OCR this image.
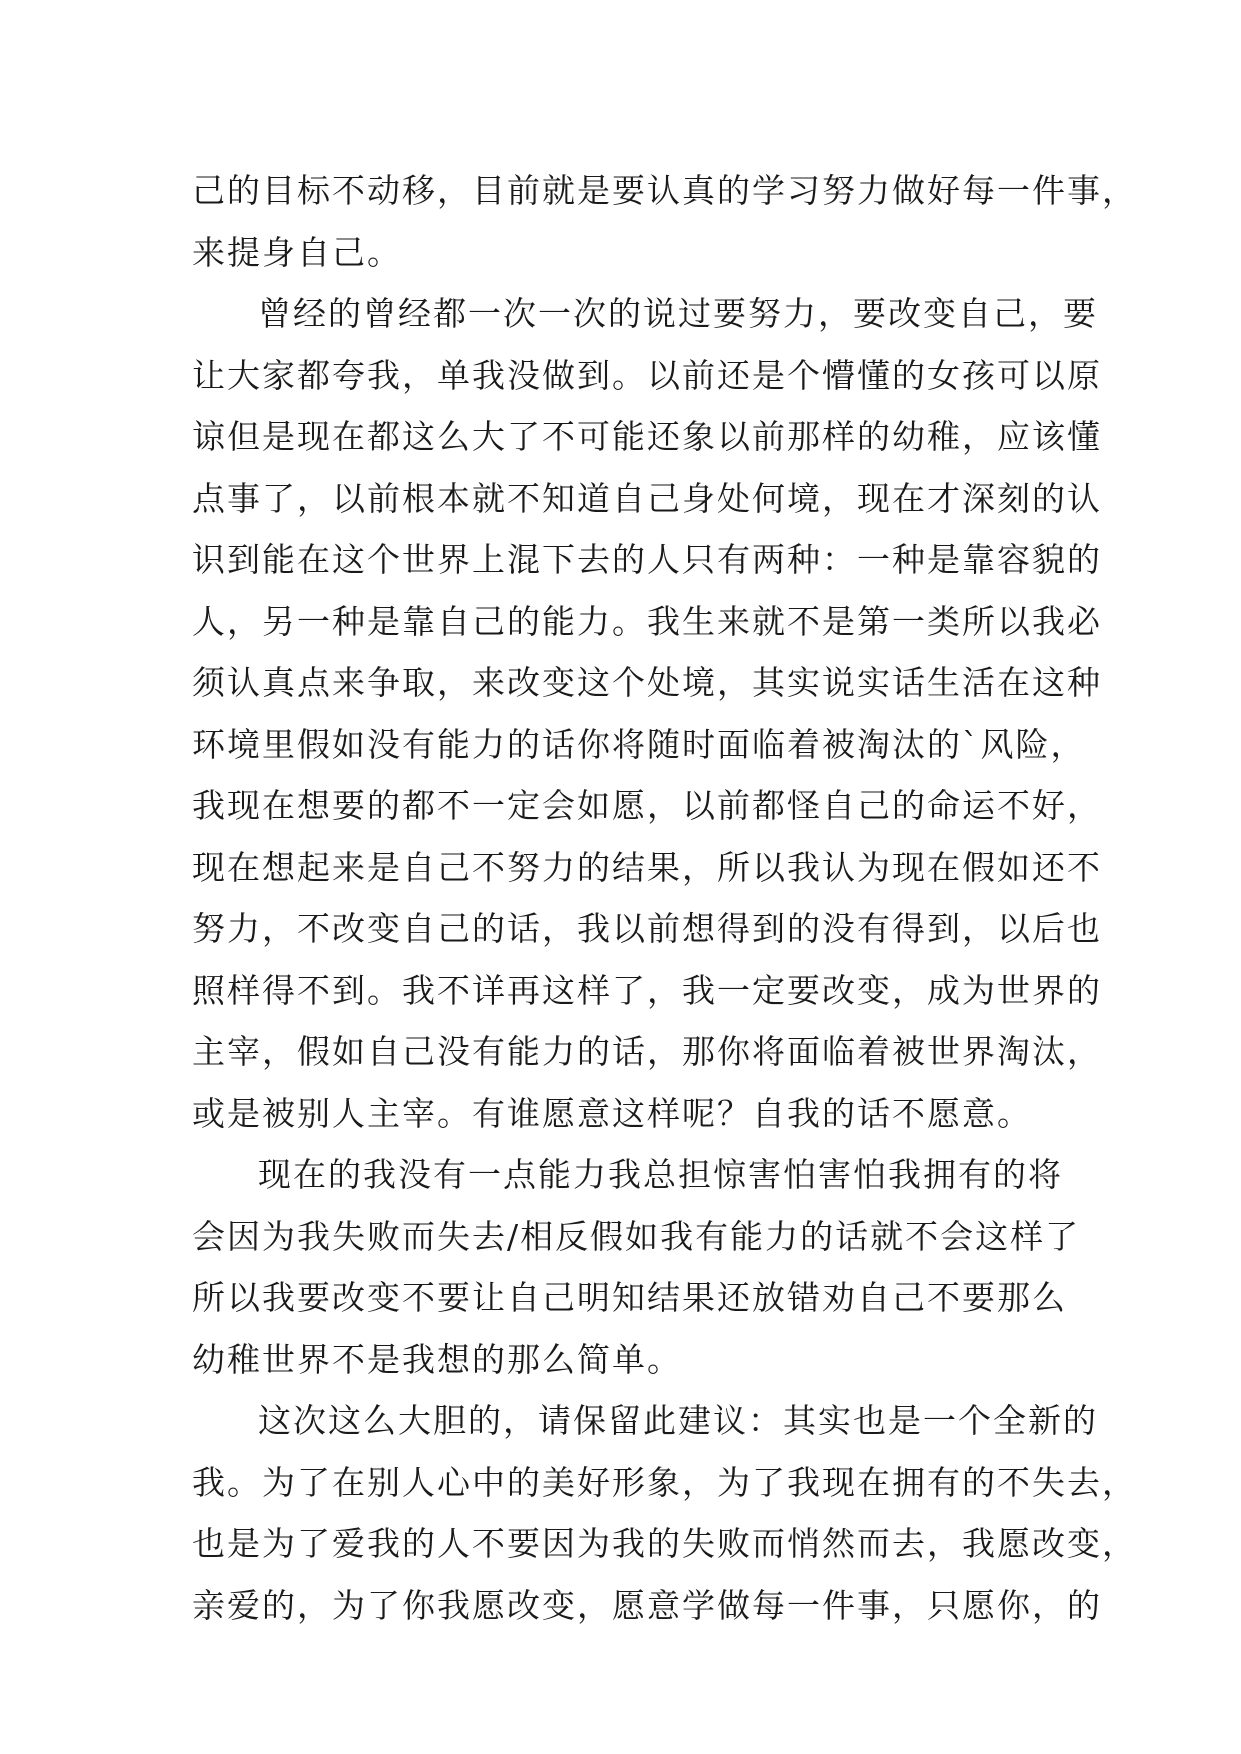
己的目标不动移，目前就是要认真的学习努力做好每一件事，
来提身自己。
曾经的曾经都一次一次的说过要努力，要改变自己，要
让大家都夸我，单我没做到。以前还是个懵懂的女孩可以原
谅但是现在都这么大了不可能还象以前那样的幼稚，应该懂
点事了，以前根本就不知道自己身处何境，现在才深刻的认
识到能在这个世界上混下去的人只有两种：一种是靠容貌的
人，另一种是靠自己的能力。我生来就不是第一类所以我必
须认真点来争取，来改变这个处境，其实说实话生活在这种
环境里假如没有能力的话你将随时面临着被淘汰的`风险，
我现在想要的都不一定会如愿，以前都怪自己的命运不好，
现在想起来是自己不努力的结果，所以我认为现在假如还不
努力，不改变自己的话，我以前想得到的没有得到，以后也
照样得不到。我不详再这样了，我一定要改变，成为世界的
主宰，假如自己没有能力的话，那你将面临着被世界淘汰，
或是被别人主宰。有谁愿意这样呢？自我的话不愿意。
现在的我没有一点能力我总担惊害怕害怕我拥有的将
会因为我失败而失去/相反假如我有能力的话就不会这样了
所以我要改变不要让自己明知结果还放错劝自己不要那么
幼稚世界不是我想的那么简单。
这次这么大胆的，请保留此建议：其实也是一个全新的
我。为了在别人心中的美好形象，为了我现在拥有的不失去，
也是为了爱我的人不要因为我的失败而悄然而去，我愿改变，
亲爱的，为了你我愿改变，愿意学做每一件事，只愿你，的
